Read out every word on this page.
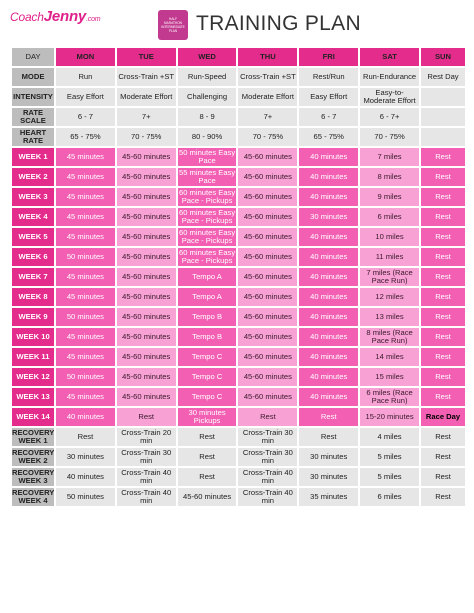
CoachJenny.com	HALF
MARATHON
INTERMEDIATE
PLAN TRAINING PLAN
DAY	MON	TUE	WED	THU	FRI	SAT	SUN
MODE	Run	Cross-Train +ST	Run-Speed	Cross-Train +ST	Rest/Run	Run-Endurance	Rest Day
INTENSITY	Easy Effort	Moderate Effort	Challenging	Moderate Effort	Easy Effort	Easy-to-Moderate Effort	
RATE SCALE	6 - 7	7+	8 - 9	7+	6 - 7	6 - 7+	
HEART RATE	65 - 75%	70 - 75%	80 - 90%	70 - 75%	65 - 75%	70 - 75%	
WEEK 1	45 minutes	45-60 minutes	50 minutes Easy Pace	45-60 minutes	40 minutes	7 miles	Rest
WEEK 2	45 minutes	45-60 minutes	55 minutes Easy Pace	45-60 minutes	40 minutes	8 miles	Rest
WEEK 3	45 minutes	45-60 minutes	60 minutes Easy Pace - Pickups	45-60 minutes	40 minutes	9 miles	Rest
WEEK 4	45 minutes	45-60 minutes	60 minutes Easy Pace - Pickups	45-60 minutes	30 minutes	6 miles	Rest
WEEK 5	45 minutes	45-60 minutes	60 minutes Easy Pace - Pickups	45-60 minutes	40 minutes	10 miles	Rest
WEEK 6	50 minutes	45-60 minutes	60 minutes Easy Pace - Pickups	45-60 minutes	40 minutes	11 miles	Rest
WEEK 7	45 minutes	45-60 minutes	Tempo A	45-60 minutes	40 minutes	7 miles (Race Pace Run)	Rest
WEEK 8	45 minutes	45-60 minutes	Tempo A	45-60 minutes	40 minutes	12 miles	Rest
WEEK 9	50 minutes	45-60 minutes	Tempo B	45-60 minutes	40 minutes	13 miles	Rest
WEEK 10	45 minutes	45-60 minutes	Tempo B	45-60 minutes	40 minutes	8 miles (Race Pace Run)	Rest
WEEK 11	45 minutes	45-60 minutes	Tempo C	45-60 minutes	40 minutes	14 miles	Rest
WEEK 12	50 minutes	45-60 minutes	Tempo C	45-60 minutes	40 minutes	15 miles	Rest
WEEK 13	45 minutes	45-60 minutes	Tempo C	45-60 minutes	40 minutes	6 miles (Race Pace Run)	Rest
WEEK 14	40 minutes	Rest	30 minutes Pickups	Rest	Rest	15-20 minutes	Race Day
RECOVERY WEEK 1	Rest	Cross-Train 20 min	Rest	Cross-Train 30 min	Rest	4 miles	Rest
RECOVERY WEEK 2	30 minutes	Cross-Train 30 min	Rest	Cross-Train 30 min	30 minutes	5 miles	Rest
RECOVERY WEEK 3	40 minutes	Cross-Train 40 min	Rest	Cross-Train 40 min	30 minutes	5 miles	Rest
RECOVERY WEEK 4	50 minutes	Cross-Train 40 min	45-60 minutes	Cross-Train 40 min	35 minutes	6 miles	Rest
